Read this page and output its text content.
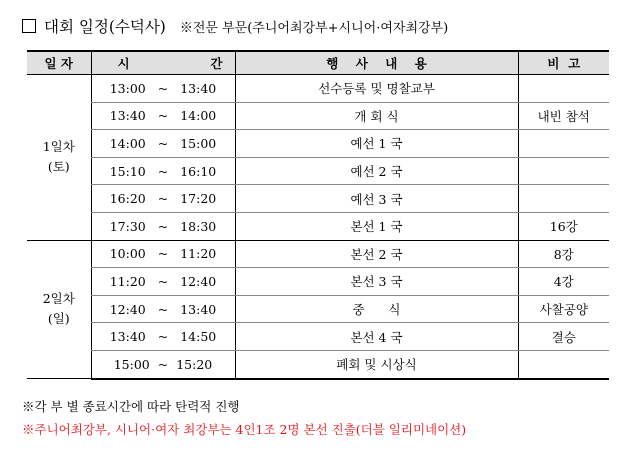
대회 일정(수덕사) ※전문 부문(주니어최강부+시니어·여자최강부)
일 자	시 간	행    사    내    용	비  고

1일차
(토)	13:00 ~ 13:40	선수등록 및 명찰교부	
	13:40 ~ 14:00	개 회 식	내빈 참석
	14:00 ~ 15:00	예선 1 국	
	15:10 ~ 16:10	예선 2 국	
	16:20 ~ 17:20	예선 3 국	
	17:30 ~ 18:30	본선 1 국	16강

2일차
(일)	10:00 ~ 11:20	본선 2 국	8강
	11:20 ~ 12:40	본선 3 국	4강
	12:40 ~ 13:40	중      식	사찰공양
	13:40 ~ 14:50	본선 4 국	결승
	15:00 ~ 15:20	폐회 및 시상식	
※각 부 별 종료시간에 따라 탄력적 진행
※주니어최강부, 시니어·여자 최강부는 4인1조 2명 본선 진출(더블 일리미네이션)
